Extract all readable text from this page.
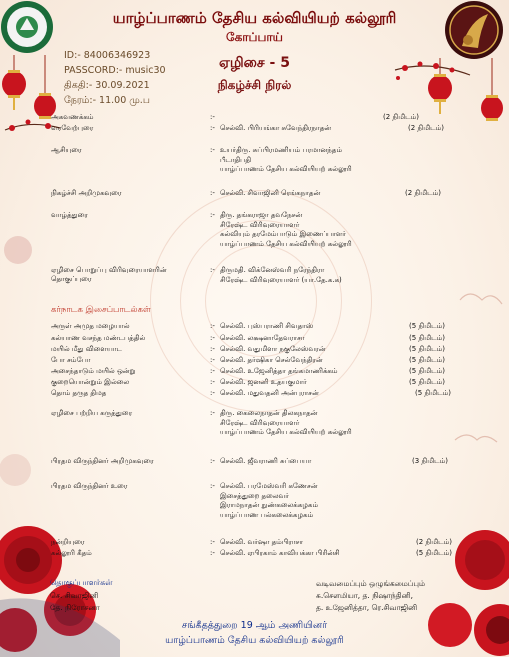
யாழ்ப்பாணம் தேசிய கல்வியியற் கல்லூரி
கோப்பாய்
ஏழிசை - 5
நிகழ்ச்சி நிரல்
ID:- 84006346923
PASSCORD:- music30
திகதி:- 30.09.2021
நேரம்:- 11.00 மு.ப
அகவணக்கம்	:-	(2 நிமிடம்)
வரவேற்புரை	:- செல்வி. பிரியங்கா சுவேந்திரநாதன்	(2 நிமிடம்)
ஆசியுரை	:- உயர்திரு. சுப்பிரமணியம் பரமானந்தம்
பீடாதிபதி
யாழ்ப்பாணம் தேசிய கல்வியியற் கல்லூரி
நிகழ்ச்சி அறிமுகவுரை	:- செல்வி. சிவாஜினி ரெங்கநாதன்	(2 நிமிடம்)
வாழ்த்துரை	:- திரு. தங்கராஜா தவநேசன்
சிரேஷ்ட விரிவுரையாளர்
கல்வியும் தரமேம்பாடும் இணைப்பாளர்
யாழ்ப்பாணம் தேசிய கல்வியியற் கல்லூரி
ஏழிசை பொறுப்பு விரிவுரையாளரின்
தொகுப்புரை
:- திருமதி. விக்னேஸ்வரி நரேந்திரா
சிரேஷ்ட விரிவுரையாளர் (யா.தே.க.க)
கர்நாடக இசைப்பாடல்கள்
அருள் அமுத மழையால்	:- செல்வி. புஸ்பராணி சிவதாஸ்	(5 நிமிடம்)
கல்யாண வசந்த மண்டபத்தில்	:- செல்வி. லக்ஷனாதேவராசா	(5 நிமிடம்)
மயில் மீது விளையாட	:- செல்வி. வதுமிளா நகுலேஸ்வரன்	(5 நிமிடம்)
போ சம்போ	:- செல்வி. தர்ஷிகா செல்வேந்திரன்	(5 நிமிடம்)
அசைந்தாடும் மயில் ஒன்று	:- செல்வி. உஜேனித்தா தங்கமாணிக்கம்	(5 நிமிடம்)
குறையொன்றும் இல்லை	:- செல்வி. ஜனனி உதயகுமார்	(5 நிமிடம்)
தொம் தருத திமத	:- செல்வி. மதுவதனி அன்புராசன்	(5 நிமிடம்)
ஏழிசை பற்றிய கருத்துரை	:- திரு. கைலைநாதன் திலகநாதன்
சிரேஷ்ட விரிவுரையாளர்
யாழ்ப்பாணம் தேசிய கல்வியியற் கல்லூரி
பிரதம விருந்தினர் அறிமுகவுரை	:- செல்வி. ஜீவராணி சுப்பையா	(3 நிமிடம்)
பிரதம விருந்தினர் உரை	:- செல்வி. பரமேஸ்வரி கணேசன்
இசைத்துறை தலைவர்
இராமநாதன் நுண்கலைக்கழகம்
யாழ்ப்பாண பல்கலைக்கழகம்
நன்றியுரை	:- செல்வி. வர்ஷா தம்பிராசா	(2 நிமிடம்)
கல்லூரி கீதம்	:- செல்வி. ஏபிரகாம் காவியக்கா பிரின்சி	(5 நிமிடம்)
தொகுப்பாளர்கள்
செ. சிவாஜினி
தே. நிரோசனா
வடிவமைப்பும் ஒழுங்கமைப்பும்
சு.சௌமியா, த. நிஷாந்தினி,
த. உஜேனித்தா, ரெ.சிவாஜினி
சங்கீதத்துறை 19 ஆம் அணியினர்
யாழ்ப்பாணம் தேசிய கல்வியியற் கல்லூரி
